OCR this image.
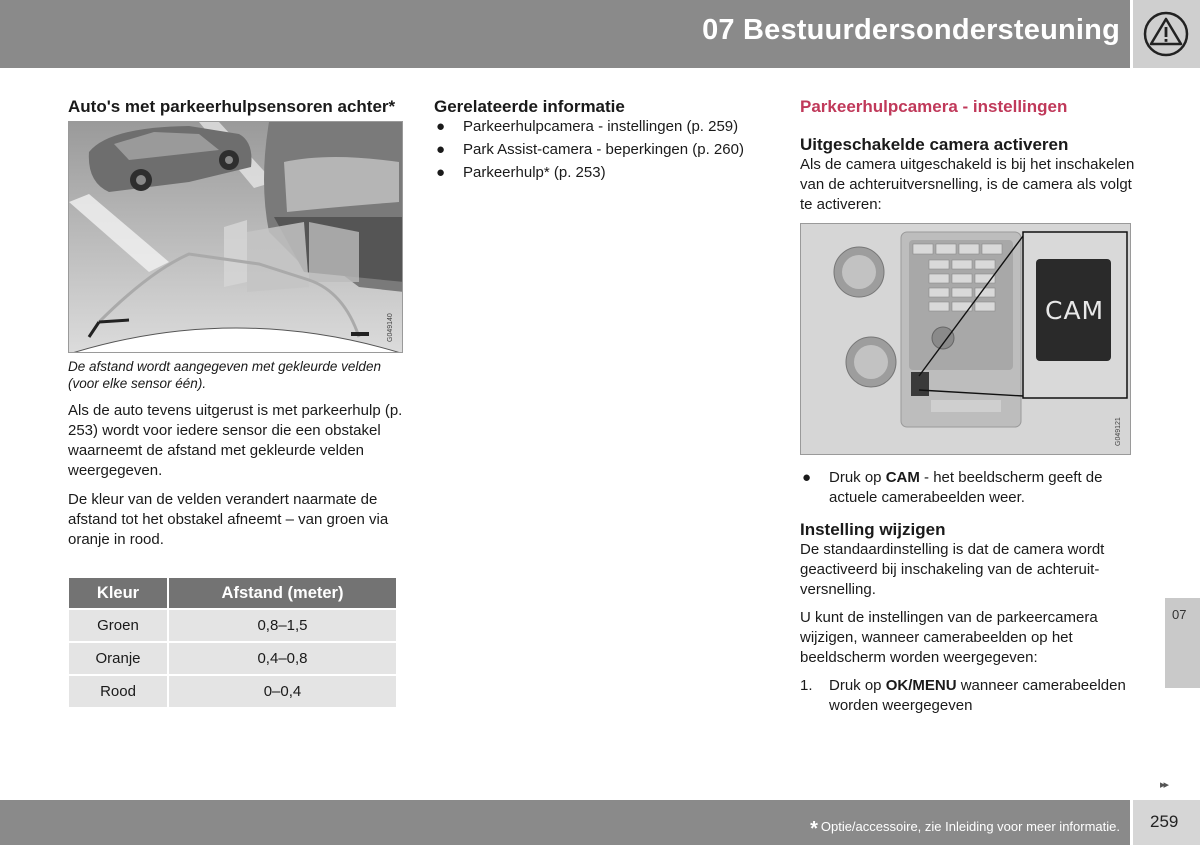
07 Bestuurdersondersteuning
Auto's met parkeerhulpsensoren achter*
G049140

De afstand wordt aangegeven met gekleurde velden (voor elke sensor één).

Als de auto tevens uitgerust is met parkeerhulp (p. 253) wordt voor iedere sensor die een obstakel waarneemt de afstand met gekleurde velden weergegeven.

De kleur van de velden verandert naarmate de afstand tot het obstakel afneemt – van groen via oranje in rood.

Kleur	Afstand (meter)
Groen	0,8–1,5
Oranje	0,4–0,8
Rood	0–0,4
Gerelateerde informatie
● Parkeerhulpcamera - instellingen (p. 259)
● Park Assist-camera - beperkingen (p. 260)
● Parkeerhulp* (p. 253)
Parkeerhulpcamera - instellingen
Uitgeschakelde camera activeren

Als de camera uitgeschakeld is bij het inschakelen van de achteruitversnelling, is de camera als volgt te activeren:

CAM
G049121
● Druk op CAM - het beeldscherm geeft de actuele camerabeelden weer.
Instelling wijzigen

De standaardinstelling is dat de camera wordt geactiveerd bij inschakeling van de achteruitversnelling.

U kunt de instellingen van de parkeercamera wijzigen, wanneer camerabeelden op het beeldscherm worden weergegeven:

1. Druk op OK/MENU wanneer camerabeelden worden weergegeven
07
▸▸
* Optie/accessoire, zie Inleiding voor meer informatie. 259
